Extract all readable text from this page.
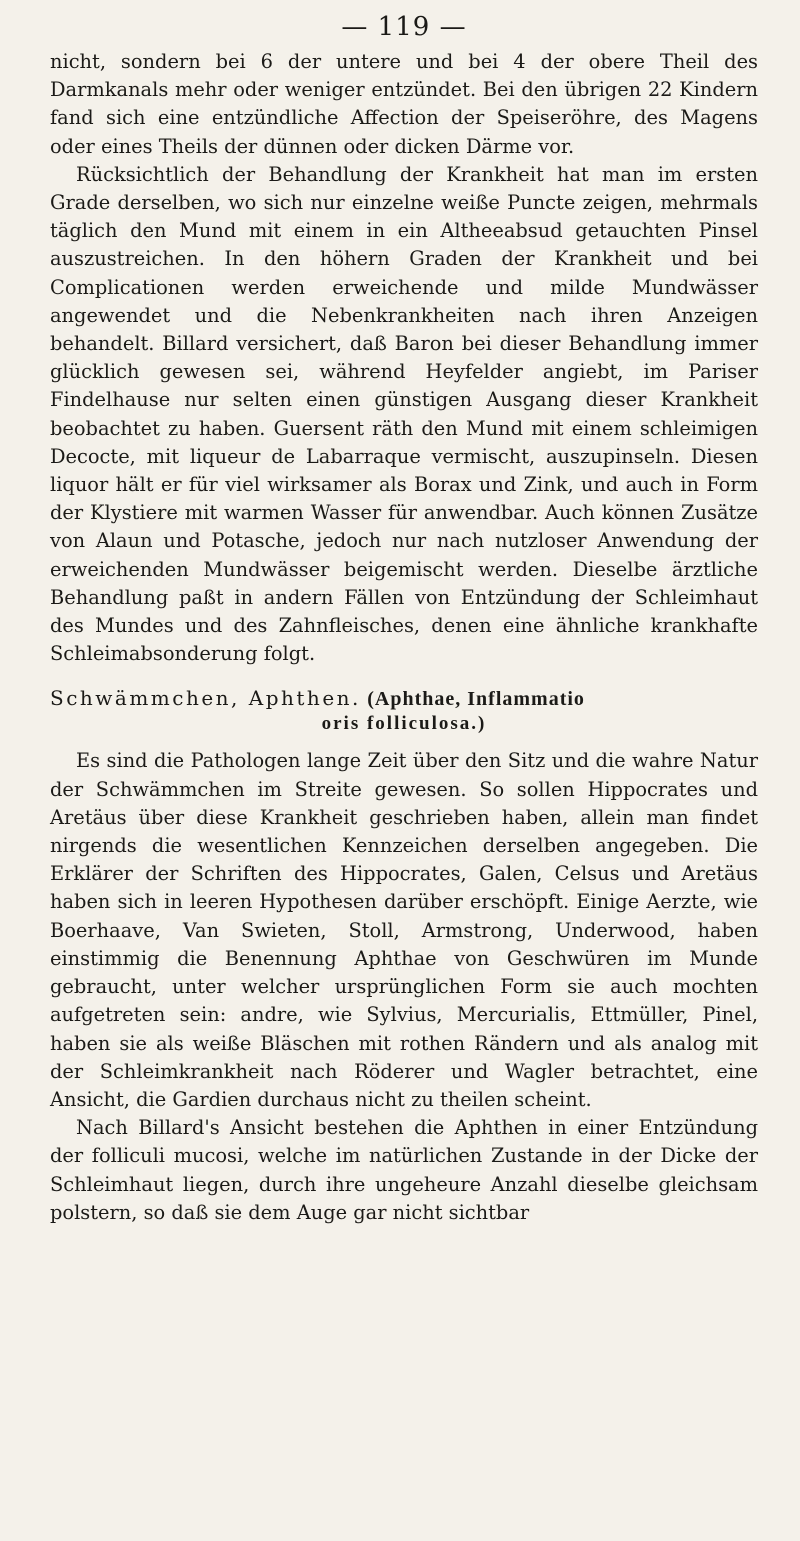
— 119 —

nicht, sondern bei 6 der untere und bei 4 der obere Theil des Darmkanals mehr oder weniger entzündet. Bei den übrigen 22 Kindern fand sich eine entzündliche Affection der Speiseröhre, des Magens oder eines Theils der dünnen oder dicken Därme vor.

Rücksichtlich der Behandlung der Krankheit hat man im ersten Grade derselben, wo sich nur einzelne weiße Puncte zeigen, mehrmals täglich den Mund mit einem in ein Altheeabsud getauchten Pinsel auszustreichen. In den höhern Graden der Krankheit und bei Complicationen werden erweichende und milde Mundwässer angewendet und die Nebenkrankheiten nach ihren Anzeigen behandelt. Billard versichert, daß Baron bei dieser Behandlung immer glücklich gewesen sei, während Heyfelder angiebt, im Pariser Findelhause nur selten einen günstigen Ausgang dieser Krankheit beobachtet zu haben. Guersent räth den Mund mit einem schleimigen Decocte, mit liqueur de Labarraque vermischt, auszupinseln. Diesen liquor hält er für viel wirksamer als Borax und Zink, und auch in Form der Klystiere mit warmen Wasser für anwendbar. Auch können Zusätze von Alaun und Potasche, jedoch nur nach nutzloser Anwendung der erweichenden Mundwässer beigemischt werden. Dieselbe ärztliche Behandlung paßt in andern Fällen von Entzündung der Schleimhaut des Mundes und des Zahnfleisches, denen eine ähnliche krankhafte Schleimabsonderung folgt.

Schwämmchen, Aphthen. (Aphthae, Inflammatio
oris folliculosa.)

Es sind die Pathologen lange Zeit über den Sitz und die wahre Natur der Schwämmchen im Streite gewesen. So sollen Hippocrates und Aretäus über diese Krankheit geschrieben haben, allein man findet nirgends die wesentlichen Kennzeichen derselben angegeben. Die Erklärer der Schriften des Hippocrates, Galen, Celsus und Aretäus haben sich in leeren Hypothesen darüber erschöpft. Einige Aerzte, wie Boerhaave, Van Swieten, Stoll, Armstrong, Underwood, haben einstimmig die Benennung Aphthae von Geschwüren im Munde gebraucht, unter welcher ursprünglichen Form sie auch mochten aufgetreten sein: andre, wie Sylvius, Mercurialis, Ettmüller, Pinel, haben sie als weiße Bläschen mit rothen Rändern und als analog mit der Schleimkrankheit nach Röderer und Wagler betrachtet, eine Ansicht, die Gardien durchaus nicht zu theilen scheint.

Nach Billard's Ansicht bestehen die Aphthen in einer Entzündung der folliculi mucosi, welche im natürlichen Zustande in der Dicke der Schleimhaut liegen, durch ihre ungeheure Anzahl dieselbe gleichsam polstern, so daß sie dem Auge gar nicht sichtbar
